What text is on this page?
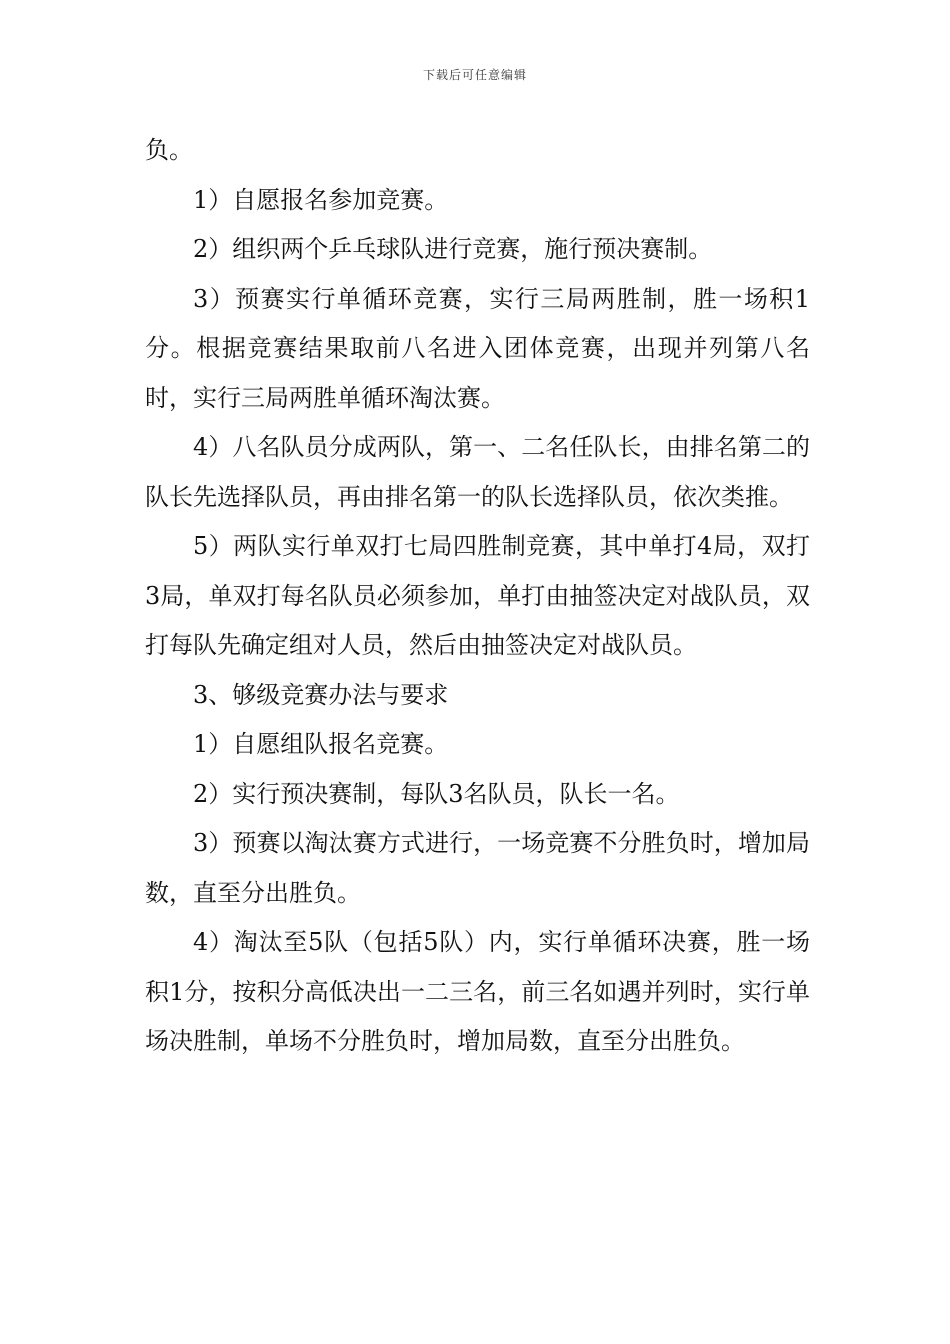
下载后可任意编辑

负。

1）自愿报名参加竞赛。

2）组织两个乒乓球队进行竞赛，施行预决赛制。

3）预赛实行单循环竞赛，实行三局两胜制，胜一场积1分。根据竞赛结果取前八名进入团体竞赛，出现并列第八名时，实行三局两胜单循环淘汰赛。

4）八名队员分成两队，第一、二名任队长，由排名第二的队长先选择队员，再由排名第一的队长选择队员，依次类推。

5）两队实行单双打七局四胜制竞赛，其中单打4局，双打3局，单双打每名队员必须参加，单打由抽签决定对战队员，双打每队先确定组对人员，然后由抽签决定对战队员。

3、够级竞赛办法与要求

1）自愿组队报名竞赛。

2）实行预决赛制，每队3名队员，队长一名。

3）预赛以淘汰赛方式进行，一场竞赛不分胜负时，增加局数，直至分出胜负。

4）淘汰至5队（包括5队）内，实行单循环决赛，胜一场积1分，按积分高低决出一二三名，前三名如遇并列时，实行单场决胜制，单场不分胜负时，增加局数，直至分出胜负。
